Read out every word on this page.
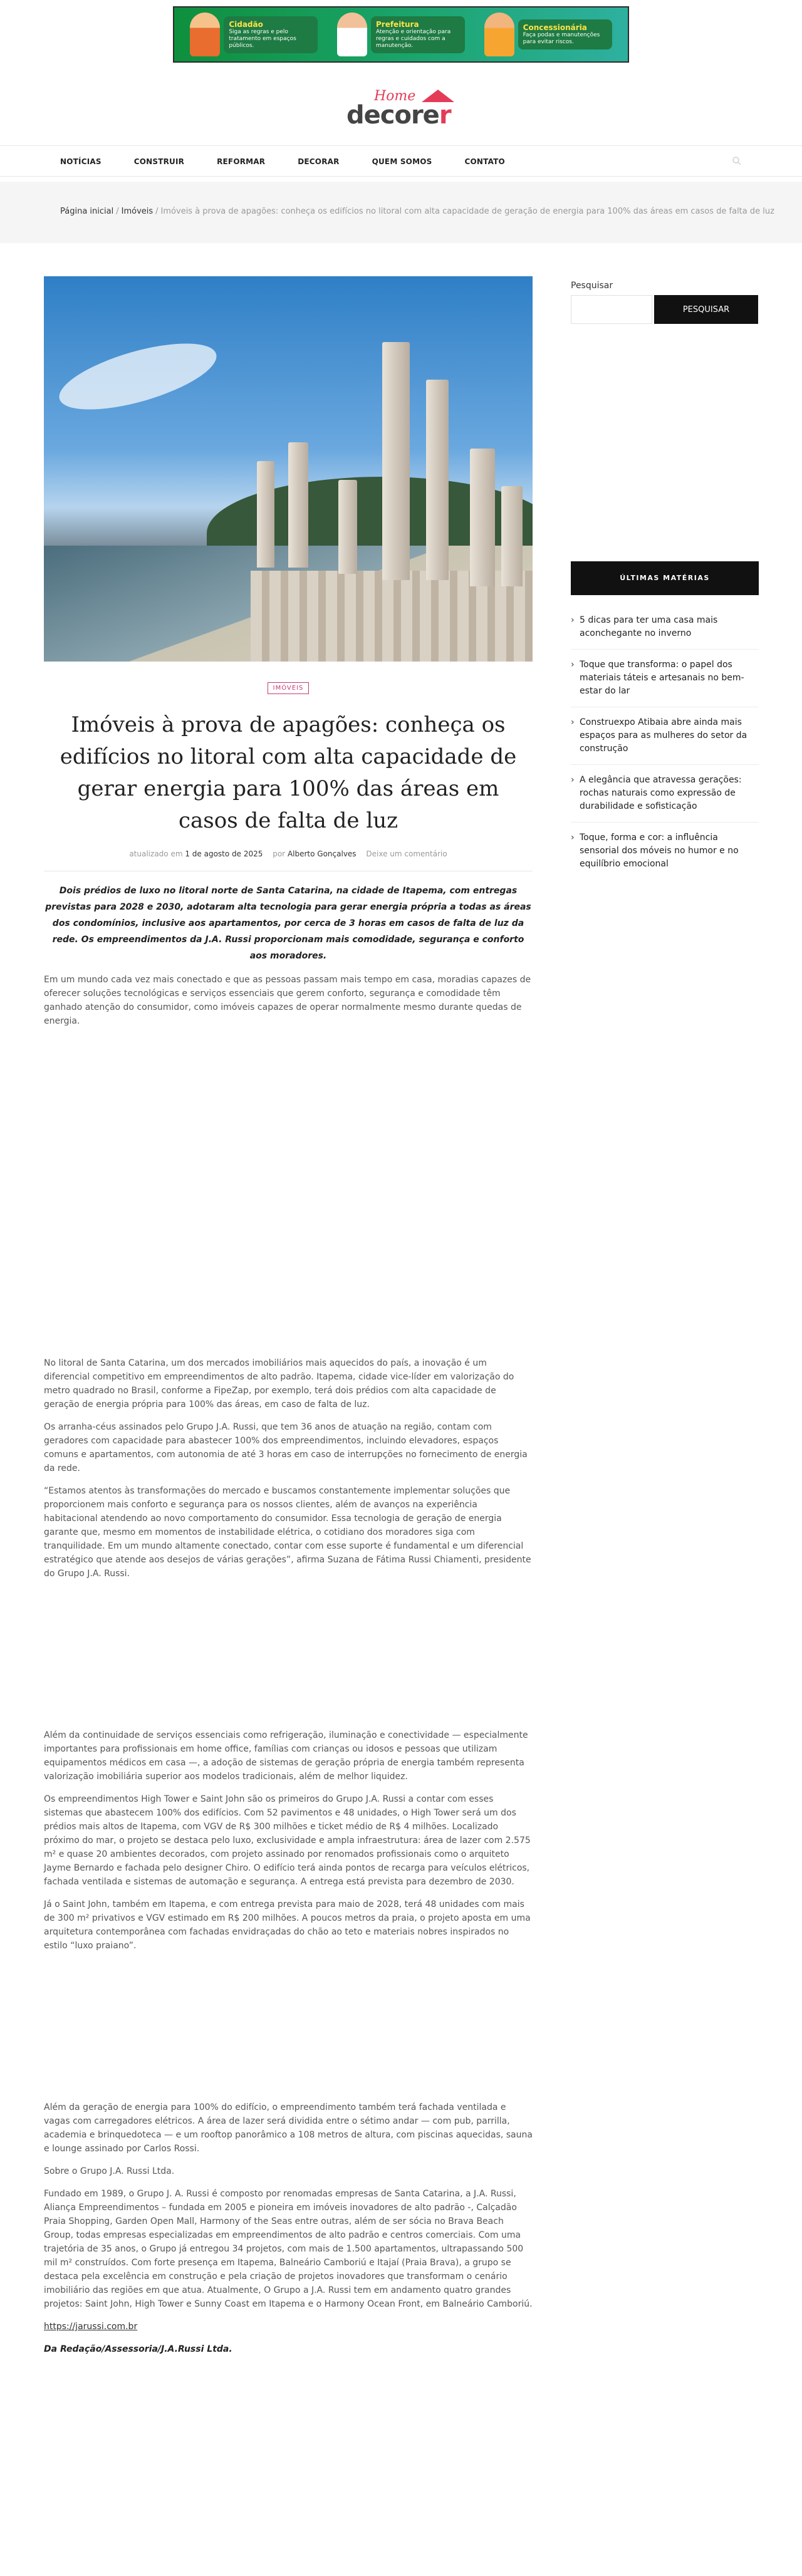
Cidadão
Siga as regras e pelo tratamento em espaços públicos.
Prefeitura
Atenção e orientação para regras e cuidados com a manutenção.
Concessionária
Faça podas e manutenções para evitar riscos.
Home
decorer
NOTÍCIAS	CONSTRUIR	REFORMAR	DECORAR	QUEM SOMOS	CONTATO
Página inicial / Imóveis / Imóveis à prova de apagões: conheça os edifícios no litoral com alta capacidade de geração de energia para 100% das áreas em casos de falta de luz
IMÓVEIS
Imóveis à prova de apagões: conheça os edifícios no litoral com alta capacidade de gerar energia para 100% das áreas em casos de falta de luz
atualizado em 1 de agosto de 2025 por Alberto Gonçalves Deixe um comentário

Dois prédios de luxo no litoral norte de Santa Catarina, na cidade de Itapema, com entregas previstas para 2028 e 2030, adotaram alta tecnologia para gerar energia própria a todas as áreas dos condomínios, inclusive aos apartamentos, por cerca de 3 horas em casos de falta de luz da rede. Os empreendimentos da J.A. Russi proporcionam mais comodidade, segurança e conforto aos moradores.

Em um mundo cada vez mais conectado e que as pessoas passam mais tempo em casa, moradias capazes de oferecer soluções tecnológicas e serviços essenciais que gerem conforto, segurança e comodidade têm ganhado atenção do consumidor, como imóveis capazes de operar normalmente mesmo durante quedas de energia.

No litoral de Santa Catarina, um dos mercados imobiliários mais aquecidos do país, a inovação é um diferencial competitivo em empreendimentos de alto padrão. Itapema, cidade vice-líder em valorização do metro quadrado no Brasil, conforme a FipeZap, por exemplo, terá dois prédios com alta capacidade de geração de energia própria para 100% das áreas, em caso de falta de luz.

Os arranha-céus assinados pelo Grupo J.A. Russi, que tem 36 anos de atuação na região, contam com geradores com capacidade para abastecer 100% dos empreendimentos, incluindo elevadores, espaços comuns e apartamentos, com autonomia de até 3 horas em caso de interrupções no fornecimento de energia da rede.

“Estamos atentos às transformações do mercado e buscamos constantemente implementar soluções que proporcionem mais conforto e segurança para os nossos clientes, além de avanços na experiência habitacional atendendo ao novo comportamento do consumidor. Essa tecnologia de geração de energia garante que, mesmo em momentos de instabilidade elétrica, o cotidiano dos moradores siga com tranquilidade. Em um mundo altamente conectado, contar com esse suporte é fundamental e um diferencial estratégico que atende aos desejos de várias gerações”, afirma Suzana de Fátima Russi Chiamenti, presidente do Grupo J.A. Russi.

Além da continuidade de serviços essenciais como refrigeração, iluminação e conectividade — especialmente importantes para profissionais em home office, famílias com crianças ou idosos e pessoas que utilizam equipamentos médicos em casa —, a adoção de sistemas de geração própria de energia também representa valorização imobiliária superior aos modelos tradicionais, além de melhor liquidez.

Os empreendimentos High Tower e Saint John são os primeiros do Grupo J.A. Russi a contar com esses sistemas que abastecem 100% dos edifícios. Com 52 pavimentos e 48 unidades, o High Tower será um dos prédios mais altos de Itapema, com VGV de R$ 300 milhões e ticket médio de R$ 4 milhões. Localizado próximo do mar, o projeto se destaca pelo luxo, exclusividade e ampla infraestrutura: área de lazer com 2.575 m² e quase 20 ambientes decorados, com projeto assinado por renomados profissionais como o arquiteto Jayme Bernardo e fachada pelo designer Chiro. O edifício terá ainda pontos de recarga para veículos elétricos, fachada ventilada e sistemas de automação e segurança. A entrega está prevista para dezembro de 2030.

Já o Saint John, também em Itapema, e com entrega prevista para maio de 2028, terá 48 unidades com mais de 300 m² privativos e VGV estimado em R$ 200 milhões. A poucos metros da praia, o projeto aposta em uma arquitetura contemporânea com fachadas envidraçadas do chão ao teto e materiais nobres inspirados no estilo “luxo praiano”.

Além da geração de energia para 100% do edifício, o empreendimento também terá fachada ventilada e vagas com carregadores elétricos. A área de lazer será dividida entre o sétimo andar — com pub, parrilla, academia e brinquedoteca — e um rooftop panorâmico a 108 metros de altura, com piscinas aquecidas, sauna e lounge assinado por Carlos Rossi.

Sobre o Grupo J.A. Russi Ltda.

Fundado em 1989, o Grupo J. A. Russi é composto por renomadas empresas de Santa Catarina, a J.A. Russi, Aliança Empreendimentos – fundada em 2005 e pioneira em imóveis inovadores de alto padrão -, Calçadão Praia Shopping, Garden Open Mall, Harmony of the Seas entre outras, além de ser sócia no Brava Beach Group, todas empresas especializadas em empreendimentos de alto padrão e centros comerciais. Com uma trajetória de 35 anos, o Grupo já entregou 34 projetos, com mais de 1.500 apartamentos, ultrapassando 500 mil m² construídos. Com forte presença em Itapema, Balneário Camboriú e Itajaí (Praia Brava), a grupo se destaca pela excelência em construção e pela criação de projetos inovadores que transformam o cenário imobiliário das regiões em que atua. Atualmente, O Grupo a J.A. Russi tem em andamento quatro grandes projetos: Saint John, High Tower e Sunny Coast em Itapema e o Harmony Ocean Front, em Balneário Camboriú.

https://jarussi.com.br

Da Redação/Assessoria/J.A.Russi Ltda.

Pesquisar
PESQUISAR
ÚLTIMAS MATÉRIAS
› 5 dicas para ter uma casa mais aconchegante no inverno
› Toque que transforma: o papel dos materiais táteis e artesanais no bem-estar do lar
› Construexpo Atibaia abre ainda mais espaços para as mulheres do setor da construção
› A elegância que atravessa gerações: rochas naturais como expressão de durabilidade e sofisticação
› Toque, forma e cor: a influência sensorial dos móveis no humor e no equilíbrio emocional
